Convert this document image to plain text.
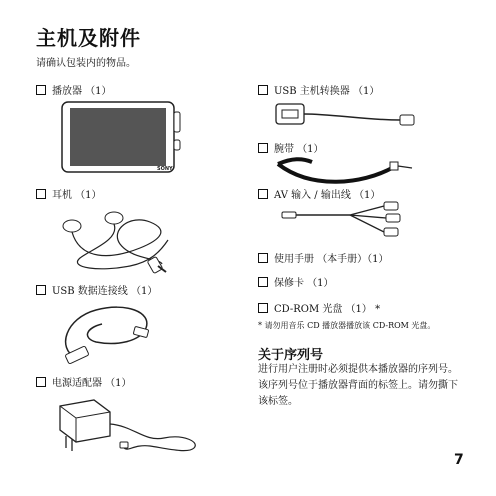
主机及附件
请确认包装内的物品。
播放器 （1）
SONY
耳机 （1）
USB 数据连接线 （1）
电源适配器 （1）
USB 主机转换器 （1）
腕带 （1）
AV 输入 / 输出线 （1）
使用手册 （本手册）（1）
保修卡 （1）
CD-ROM 光盘 （1） *
* 请勿用音乐 CD 播放器播放该 CD-ROM 光盘。
关于序列号
进行用户注册时必须提供本播放器的序列号。该序列号位于播放器背面的标签上。请勿撕下该标签。
7
